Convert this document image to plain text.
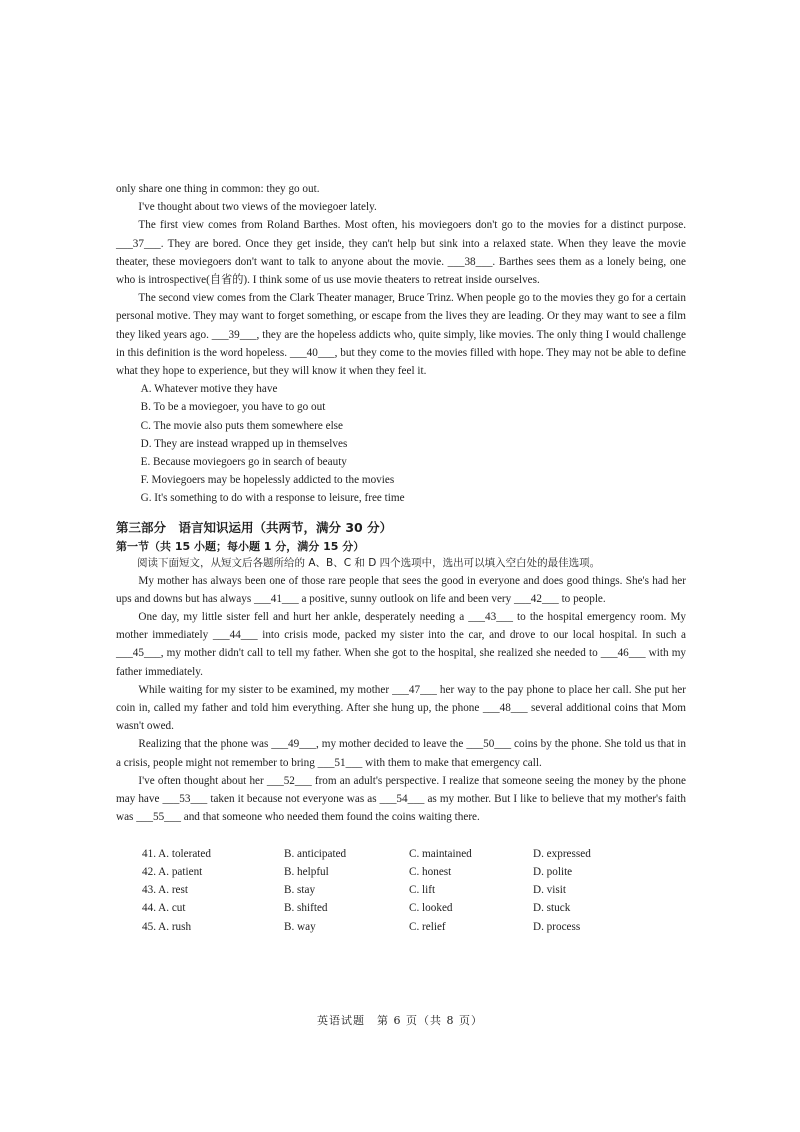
only share one thing in common: they go out.

I've thought about two views of the moviegoer lately.

The first view comes from Roland Barthes. Most often, his moviegoers don't go to the movies for a distinct purpose. ___37___. They are bored. Once they get inside, they can't help but sink into a relaxed state. When they leave the movie theater, these moviegoers don't want to talk to anyone about the movie. ___38___. Barthes sees them as a lonely being, one who is introspective(自省的). I think some of us use movie theaters to retreat inside ourselves.

The second view comes from the Clark Theater manager, Bruce Trinz. When people go to the movies they go for a certain personal motive. They may want to forget something, or escape from the lives they are leading. Or they may want to see a film they liked years ago. ___39___, they are the hopeless addicts who, quite simply, like movies. The only thing I would challenge in this definition is the word hopeless. ___40___, but they come to the movies filled with hope. They may not be able to define what they hope to experience, but they will know it when they feel it.

A. Whatever motive they have
B. To be a moviegoer, you have to go out
C. The movie also puts them somewhere else
D. They are instead wrapped up in themselves
E. Because moviegoers go in search of beauty
F. Moviegoers may be hopelessly addicted to the movies
G. It's something to do with a response to leisure, free time
第三部分　语言知识运用（共两节，满分 30 分）
第一节（共 15 小题；每小题 1 分，满分 15 分）
阅读下面短文，从短文后各题所给的 A、B、C 和 D 四个选项中，选出可以填入空白处的最佳选项。

My mother has always been one of those rare people that sees the good in everyone and does good things. She's had her ups and downs but has always ___41___ a positive, sunny outlook on life and been very ___42___ to people.

One day, my little sister fell and hurt her ankle, desperately needing a ___43___ to the hospital emergency room. My mother immediately ___44___ into crisis mode, packed my sister into the car, and drove to our local hospital. In such a ___45___, my mother didn't call to tell my father. When she got to the hospital, she realized she needed to ___46___ with my father immediately.

While waiting for my sister to be examined, my mother ___47___ her way to the pay phone to place her call. She put her coin in, called my father and told him everything. After she hung up, the phone ___48___ several additional coins that Mom wasn't owed.

Realizing that the phone was ___49___, my mother decided to leave the ___50___ coins by the phone. She told us that in a crisis, people might not remember to bring ___51___ with them to make that emergency call.

I've often thought about her ___52___ from an adult's perspective. I realize that someone seeing the money by the phone may have ___53___ taken it because not everyone was as ___54___ as my mother. But I like to believe that my mother's faith was ___55___ and that someone who needed them found the coins waiting there.

41. A. tolerated	B. anticipated	C. maintained	D. expressed
42. A. patient	B. helpful	C. honest	D. polite
43. A. rest	B. stay	C. lift	D. visit
44. A. cut	B. shifted	C. looked	D. stuck
45. A. rush	B. way	C. relief	D. process
英语试题　第 6 页（共 8 页）
